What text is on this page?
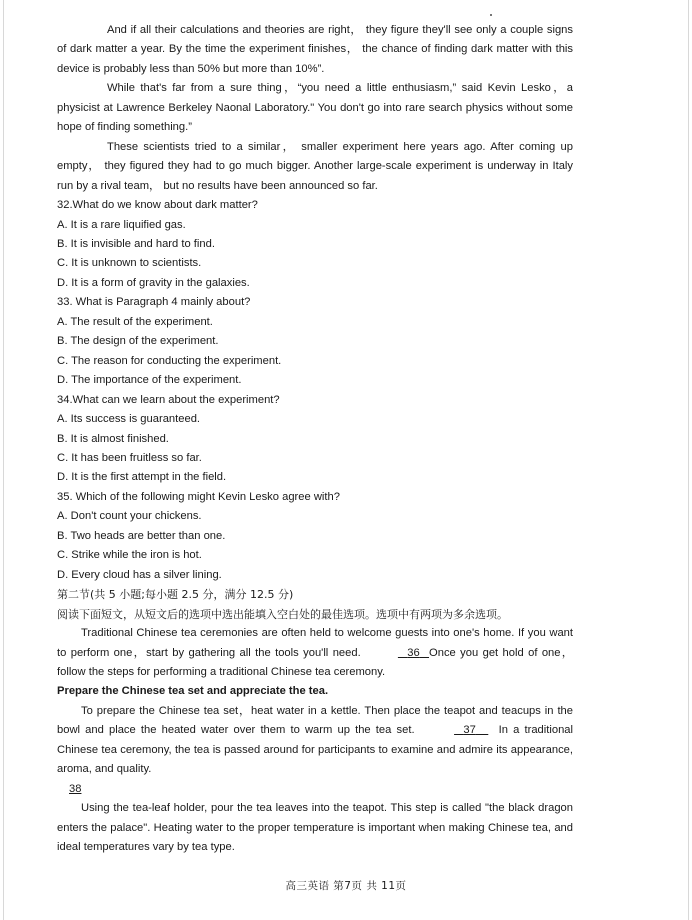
And if all their calculations and theories are right， they figure they'll see only a couple signs of dark matter a year. By the time the experiment finishes， the chance of finding dark matter with this device is probably less than 50% but more than 10%”.

While that's far from a sure thing，“you need a little enthusiasm,” said Kevin Lesko，a physicist at Lawrence Berkeley Naonal Laboratory." You don't go into rare search physics without some hope of finding something.”

These scientists tried to a similar， smaller experiment here years ago. After coming up empty， they figured they had to go much bigger. Another large-scale experiment is underway in Italy run by a rival team， but no results have been announced so far.

32.What do we know about dark matter?

A. It is a rare liquified gas.

B. It is invisible and hard to find.

C. It is unknown to scientists.

D. It is a form of gravity in the galaxies.

33. What is Paragraph 4 mainly about?

A. The result of the experiment.

B. The design of the experiment.

C. The reason for conducting the experiment.

D. The importance of the experiment.

34.What can we learn about the experiment?

A. Its success is guaranteed.

B. It is almost finished.

C. It has been fruitless so far.

D. It is the first attempt in the field.

35. Which of the following might Kevin Lesko agree with?

A. Don't count your chickens.

B. Two heads are better than one.

C. Strike while the iron is hot.

D. Every cloud has a silver lining.

第二节(共 5 小题;每小题 2.5 分，满分 12.5 分)

阅读下面短文，从短文后的选项中选出能填入空白处的最佳选项。选项中有两项为多余选项。

Traditional Chinese tea ceremonies are often held to welcome guests into one's home. If you want to perform one，start by gathering all the tools you'll need.	36 Once you get hold of one，follow the steps for performing a traditional Chinese tea ceremony.

Prepare the Chinese tea set and appreciate the tea.

To prepare the Chinese tea set，heat water in a kettle. Then place the teapot and teacups in the bowl and place the heated water over them to warm up the tea set.	37 In a traditional Chinese tea ceremony, the tea is passed around for participants to examine and admire its appearance, aroma, and quality.

38

Using the tea-leaf holder, pour the tea leaves into the teapot. This step is called "the black dragon enters the palace". Heating water to the proper temperature is important when making Chinese tea, and ideal temperatures vary by tea type.

高三英语 第7页 共 11页
